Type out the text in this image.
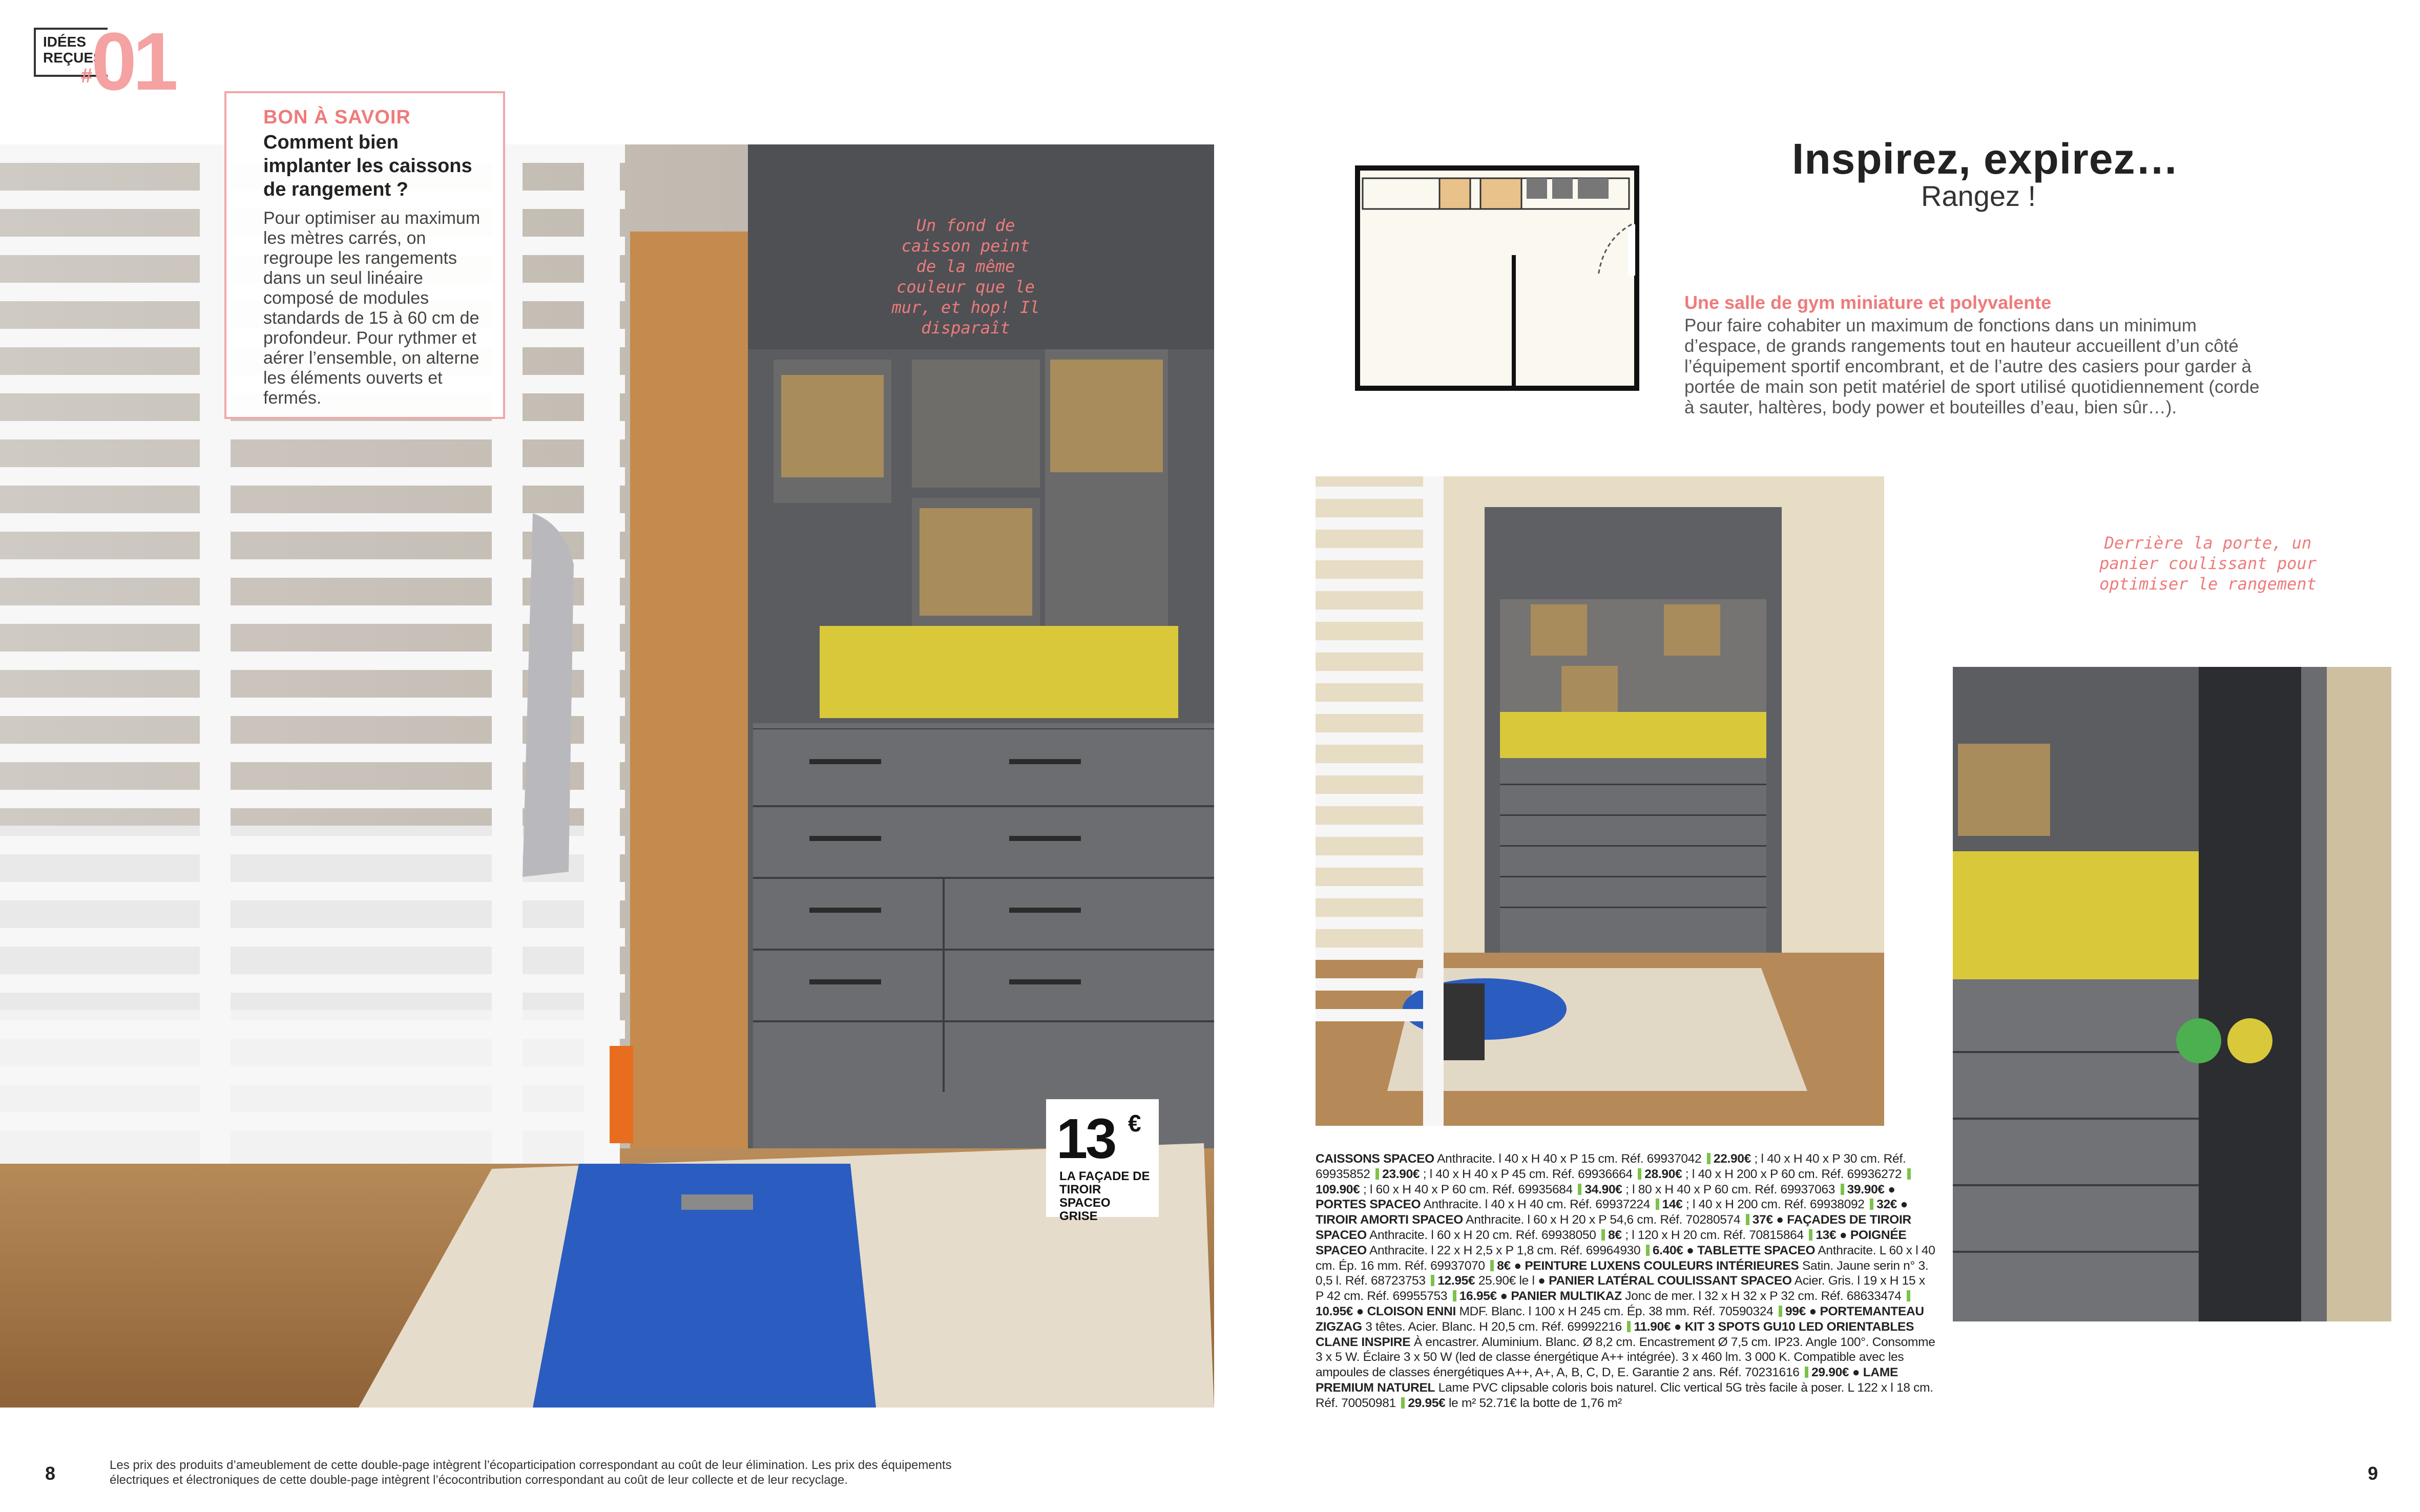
IDÉES
REÇUES
#
01
BON À SAVOIR
Comment bien implanter les caissons de rangement ?
Pour optimiser au maximum les mètres carrés, on regroupe les rangements dans un seul linéaire composé de modules standards de 15 à 60 cm de profondeur. Pour rythmer et aérer l’ensemble, on alterne les éléments ouverts et fermés.
Un fond de caisson peint de la même couleur que le mur, et hop! Il disparaît
13 €
LA FAÇADE DE TIROIR SPACEO GRISE
Inspirez, expirez…
Rangez !
Une salle de gym miniature et polyvalente
Pour faire cohabiter un maximum de fonctions dans un minimum d’espace, de grands rangements tout en hauteur accueillent d’un côté l’équipement sportif encombrant, et de l’autre des casiers pour garder à portée de main son petit matériel de sport utilisé quotidiennement (corde à sauter, haltères, body power et bouteilles d’eau, bien sûr…).
Derrière la porte, un panier coulissant pour optimiser le rangement
CAISSONS SPACEO Anthracite. l 40 x H 40 x P 15 cm. Réf. 69937042 22.90€ ; l 40 x H 40 x P 30 cm. Réf. 69935852 23.90€ ; l 40 x H 40 x P 45 cm. Réf. 69936664 28.90€ ; l 40 x H 200 x P 60 cm. Réf. 69936272 109.90€ ; l 60 x H 40 x P 60 cm. Réf. 69935684 34.90€ ; l 80 x H 40 x P 60 cm. Réf. 69937063 39.90€ ● PORTES SPACEO Anthracite. l 40 x H 40 cm. Réf. 69937224 14€ ; l 40 x H 200 cm. Réf. 69938092 32€ ● TIROIR AMORTI SPACEO Anthracite. l 60 x H 20 x P 54,6 cm. Réf. 70280574 37€ ● FAÇADES DE TIROIR SPACEO Anthracite. l 60 x H 20 cm. Réf. 69938050 8€ ; l 120 x H 20 cm. Réf. 70815864 13€ ● POIGNÉE SPACEO Anthracite. l 22 x H 2,5 x P 1,8 cm. Réf. 69964930 6.40€ ● TABLETTE SPACEO Anthracite. L 60 x l 40 cm. Ép. 16 mm. Réf. 69937070 8€ ● PEINTURE LUXENS COULEURS INTÉRIEURES Satin. Jaune serin n° 3. 0,5 l. Réf. 68723753 12.95€ 25.90€ le l ● PANIER LATÉRAL COULISSANT SPACEO Acier. Gris. l 19 x H 15 x P 42 cm. Réf. 69955753 16.95€ ● PANIER MULTIKAZ Jonc de mer. l 32 x H 32 x P 32 cm. Réf. 68633474 10.95€ ● CLOISON ENNI MDF. Blanc. l 100 x H 245 cm. Ép. 38 mm. Réf. 70590324 99€ ● PORTEMANTEAU ZIGZAG 3 têtes. Acier. Blanc. H 20,5 cm. Réf. 69992216 11.90€ ● KIT 3 SPOTS GU10 LED ORIENTABLES CLANE INSPIRE À encastrer. Aluminium. Blanc. Ø 8,2 cm. Encastrement Ø 7,5 cm. IP23. Angle 100°. Consomme 3 x 5 W. Éclaire 3 x 50 W (led de classe énergétique A++ intégrée). 3 x 460 lm. 3 000 K. Compatible avec les ampoules de classes énergétiques A++, A+, A, B, C, D, E. Garantie 2 ans. Réf. 70231616 29.90€ ● LAME PREMIUM NATUREL Lame PVC clipsable coloris bois naturel. Clic vertical 5G très facile à poser. L 122 x l 18 cm. Réf. 70050981 29.95€ le m² 52.71€ la botte de 1,76 m²
8	Les prix des produits d’ameublement de cette double-page intègrent l’écoparticipation correspondant au coût de leur élimination. Les prix des équipements
électriques et électroniques de cette double-page intègrent l’écocontribution correspondant au coût de leur collecte et de leur recyclage.	9
